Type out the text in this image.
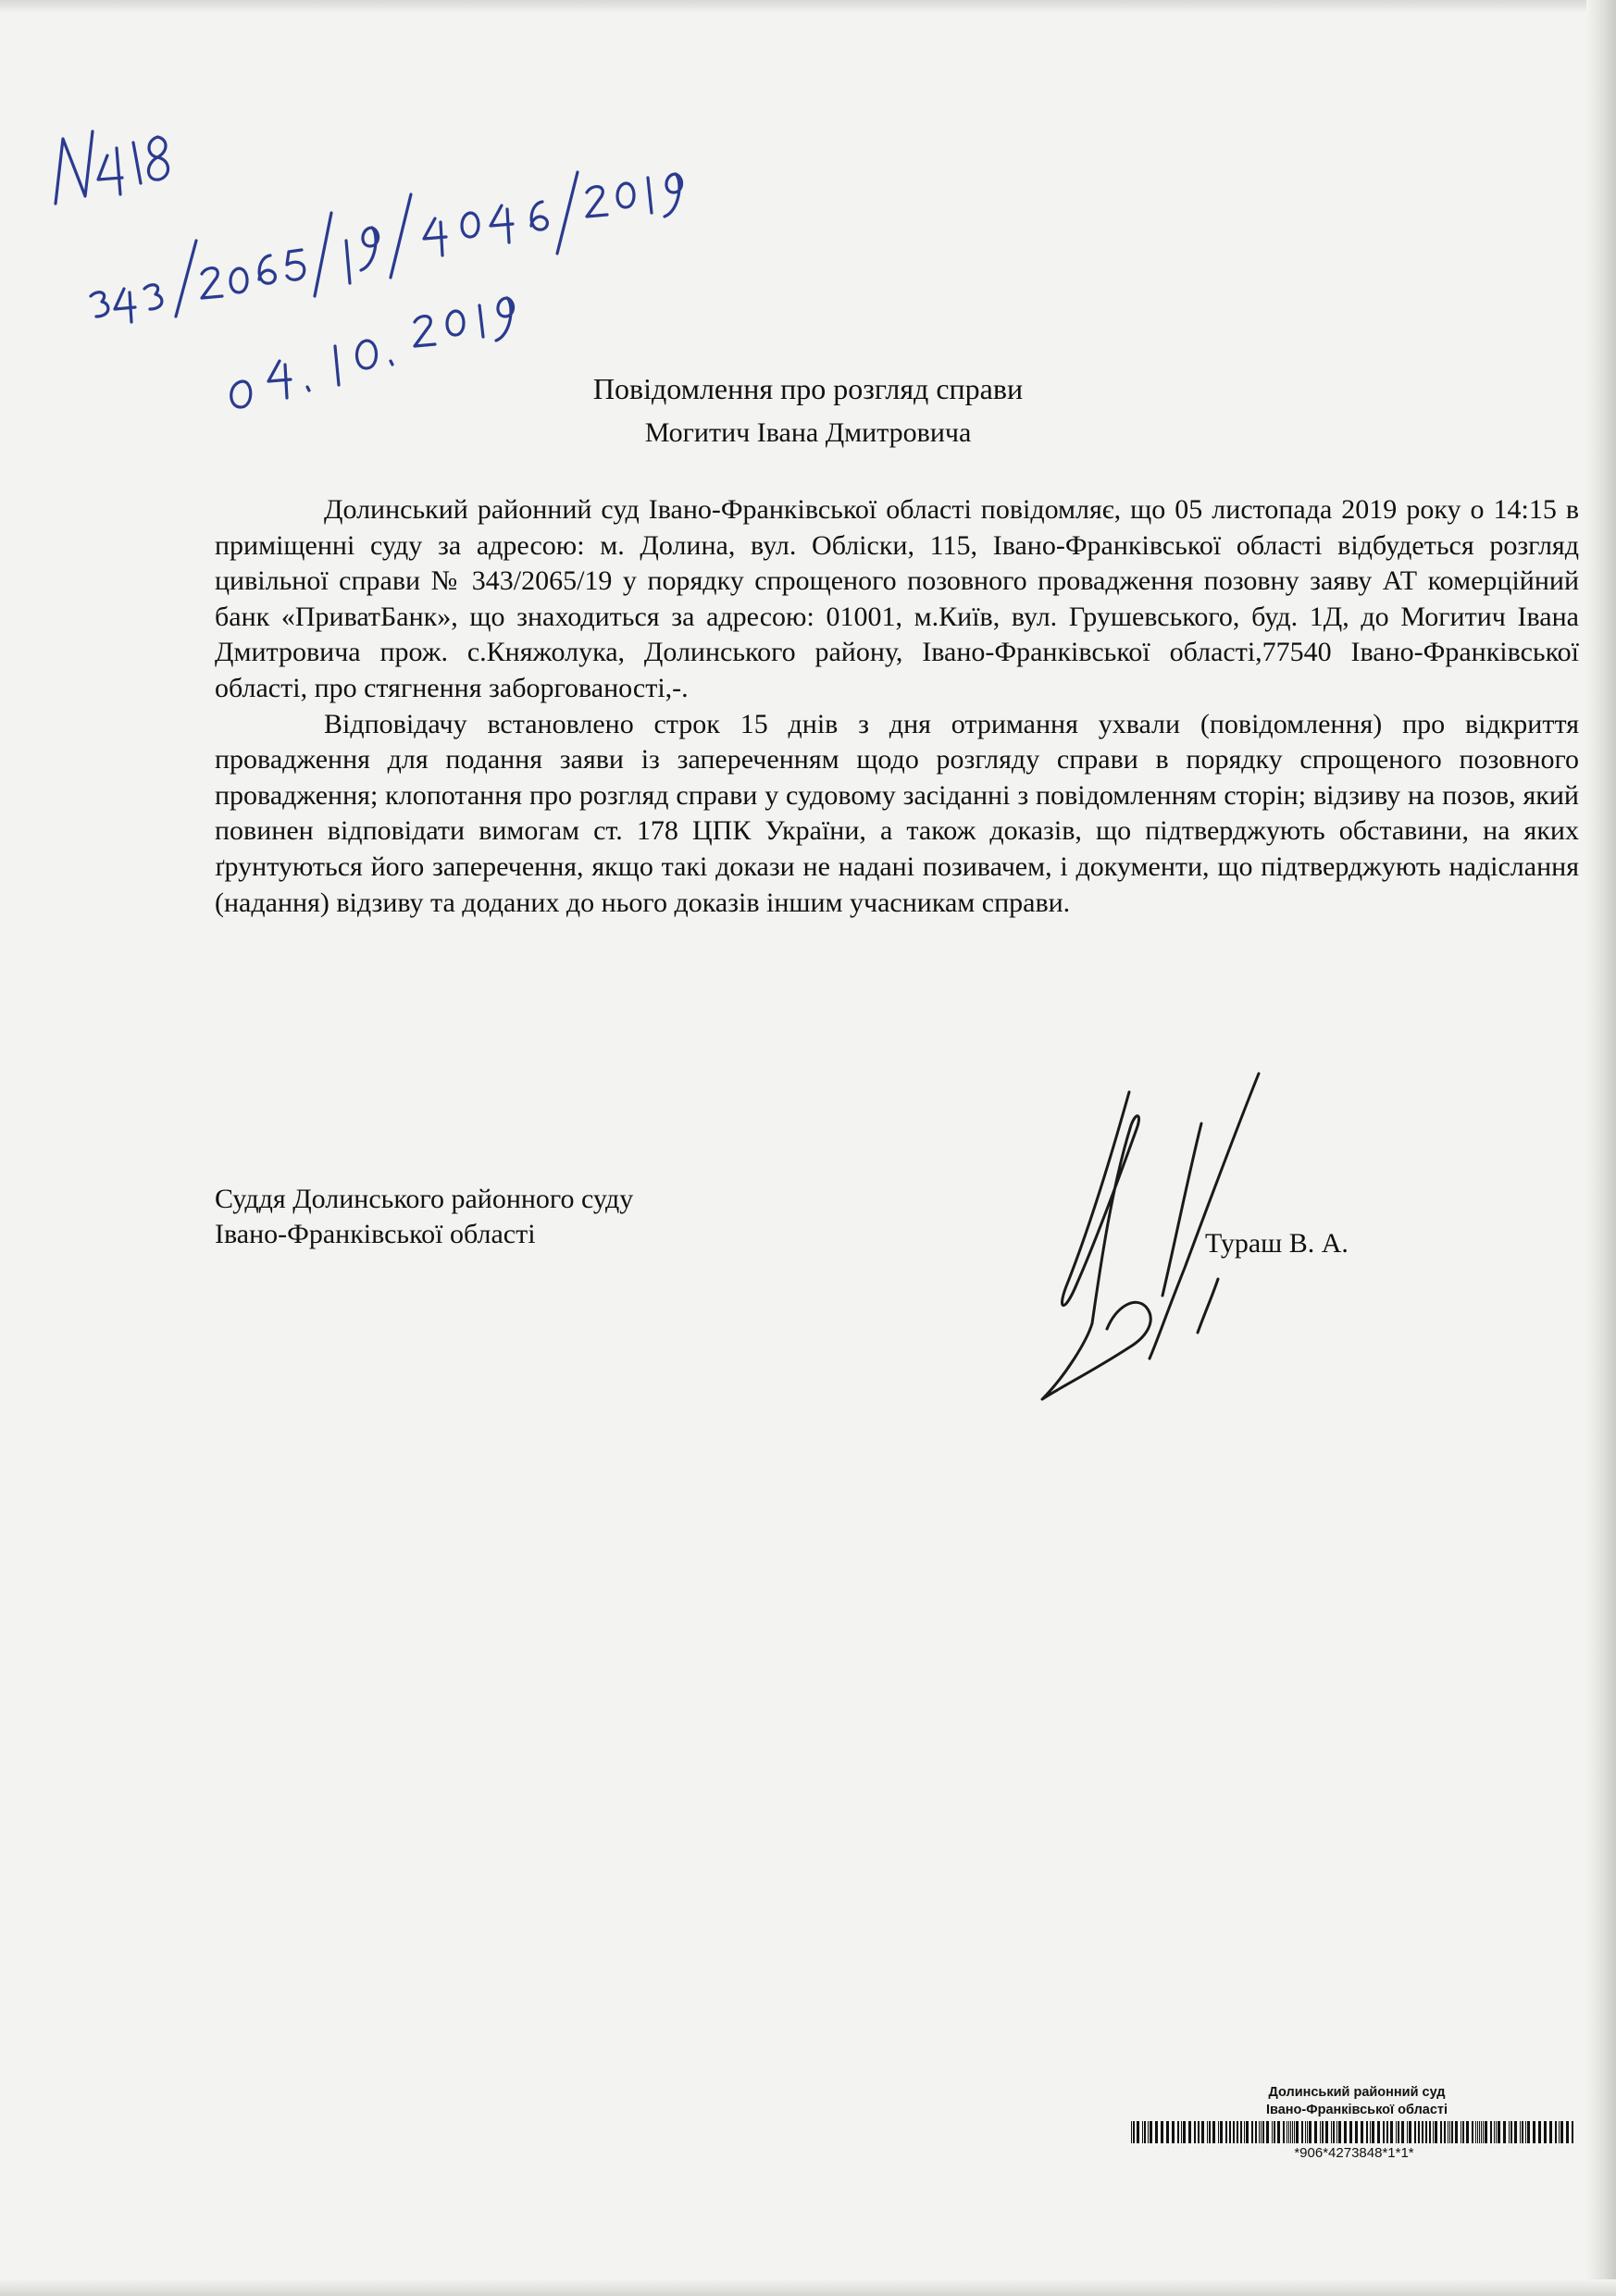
Повідомлення про розгляд справи
Могитич Івана Дмитровича

Долинський районний суд Івано-Франківської області повідомляє, що 05 листопада 2019 року о 14:15 в приміщенні суду за адресою: м. Долина, вул. Обліски, 115, Івано-Франківської області відбудеться розгляд цивільної справи № 343/2065/19 у порядку спрощеного позовного провадження позовну заяву АТ комерційний банк «ПриватБанк», що знаходиться за адресою: 01001, м.Київ, вул. Грушевського, буд. 1Д, до Могитич Івана Дмитровича прож. с.Княжолука, Долинського району, Івано-Франківської області,77540 Івано-Франківської області, про стягнення заборгованості,-.

Відповідачу встановлено строк 15 днів з дня отримання ухвали (повідомлення) про відкриття провадження для подання заяви із запереченням щодо розгляду справи в порядку спрощеного позовного провадження; клопотання про розгляд справи у судовому засіданні з повідомленням сторін; відзиву на позов, який повинен відповідати вимогам ст. 178 ЦПК України, а також доказів, що підтверджують обставини, на яких ґрунтуються його заперечення, якщо такі докази не надані позивачем, і документи, що підтверджують надіслання (надання) відзиву та доданих до нього доказів іншим учасникам справи.

Суддя Долинського районного суду
Івано-Франківської області	Тураш В. А.
Долинський районний суд
Івано-Франківської області
*906*4273848*1*1*
